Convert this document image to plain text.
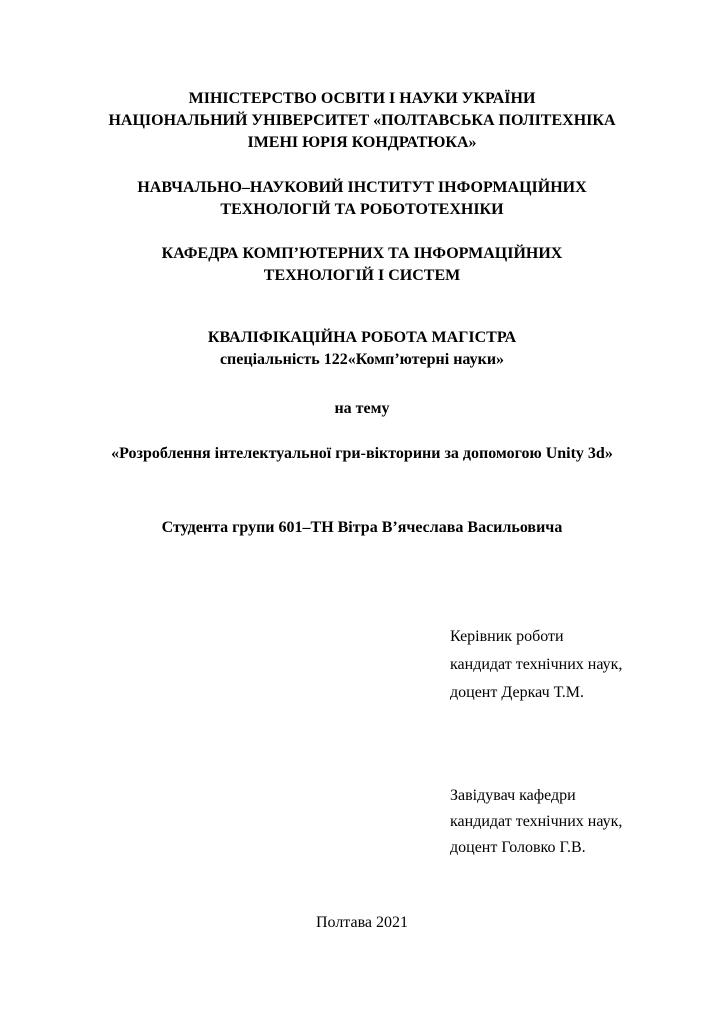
МІНІСТЕРСТВО ОСВІТИ І НАУКИ УКРАЇНИ
НАЦІОНАЛЬНИЙ УНІВЕРСИТЕТ «ПОЛТАВСЬКА ПОЛІТЕХНІКА
ІМЕНІ ЮРІЯ КОНДРАТЮКА»
НАВЧАЛЬНО–НАУКОВИЙ ІНСТИТУТ ІНФОРМАЦІЙНИХ
ТЕХНОЛОГІЙ ТА РОБОТОТЕХНІКИ
КАФЕДРА КОМП’ЮТЕРНИХ ТА ІНФОРМАЦІЙНИХ
ТЕХНОЛОГІЙ І СИСТЕМ
КВАЛІФІКАЦІЙНА РОБОТА МАГІСТРА
спеціальність 122«Комп’ютерні науки»
на тему
«Розроблення інтелектуальної гри-вікторини за допомогою Unity 3d»
Студента групи 601–ТН Вітра В’ячеслава Васильовича
Керівник роботи
кандидат технічних наук,
доцент Деркач Т.М.
Завідувач кафедри
кандидат технічних наук,
доцент Головко Г.В.
Полтава 2021
